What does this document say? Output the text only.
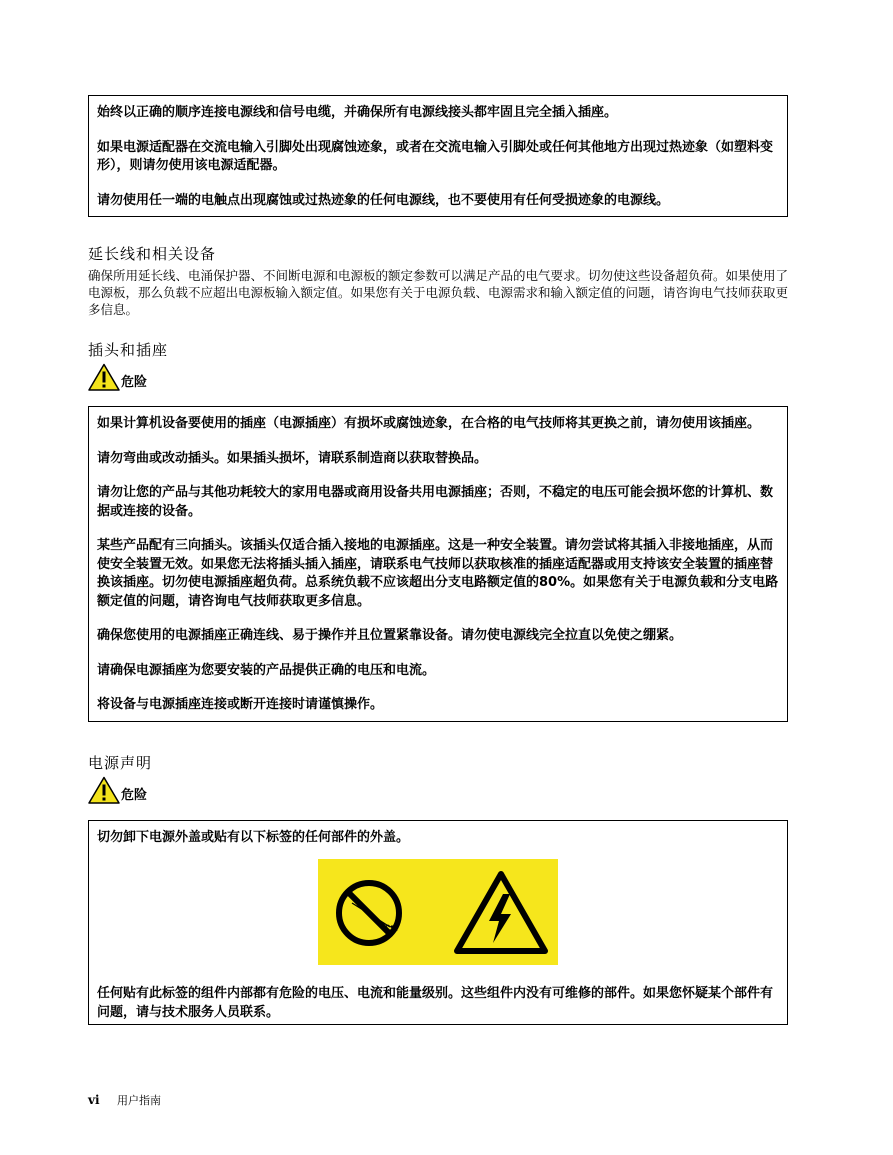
始终以正确的顺序连接电源线和信号电缆，并确保所有电源线接头都牢固且完全插入插座。

如果电源适配器在交流电输入引脚处出现腐蚀迹象，或者在交流电输入引脚处或任何其他地方出现过热迹象（如塑料变形），则请勿使用该电源适配器。

请勿使用任一端的电触点出现腐蚀或过热迹象的任何电源线，也不要使用有任何受损迹象的电源线。

延长线和相关设备

确保所用延长线、电涌保护器、不间断电源和电源板的额定参数可以满足产品的电气要求。切勿使这些设备超负荷。如果使用了电源板，那么负载不应超出电源板输入额定值。如果您有关于电源负载、电源需求和输入额定值的问题，请咨询电气技师获取更多信息。

插头和插座
危险

如果计算机设备要使用的插座（电源插座）有损坏或腐蚀迹象，在合格的电气技师将其更换之前，请勿使用该插座。

请勿弯曲或改动插头。如果插头损坏，请联系制造商以获取替换品。

请勿让您的产品与其他功耗较大的家用电器或商用设备共用电源插座；否则，不稳定的电压可能会损坏您的计算机、数据或连接的设备。

某些产品配有三向插头。该插头仅适合插入接地的电源插座。这是一种安全装置。请勿尝试将其插入非接地插座，从而使安全装置无效。如果您无法将插头插入插座，请联系电气技师以获取核准的插座适配器或用支持该安全装置的插座替换该插座。切勿使电源插座超负荷。总系统负载不应该超出分支电路额定值的80%。如果您有关于电源负载和分支电路额定值的问题，请咨询电气技师获取更多信息。

确保您使用的电源插座正确连线、易于操作并且位置紧靠设备。请勿使电源线完全拉直以免使之绷紧。

请确保电源插座为您要安装的产品提供正确的电压和电流。

将设备与电源插座连接或断开连接时请谨慎操作。

电源声明
危险

切勿卸下电源外盖或贴有以下标签的任何部件的外盖。

任何贴有此标签的组件内部都有危险的电压、电流和能量级别。这些组件内没有可维修的部件。如果您怀疑某个部件有问题，请与技术服务人员联系。

vi 用户指南
